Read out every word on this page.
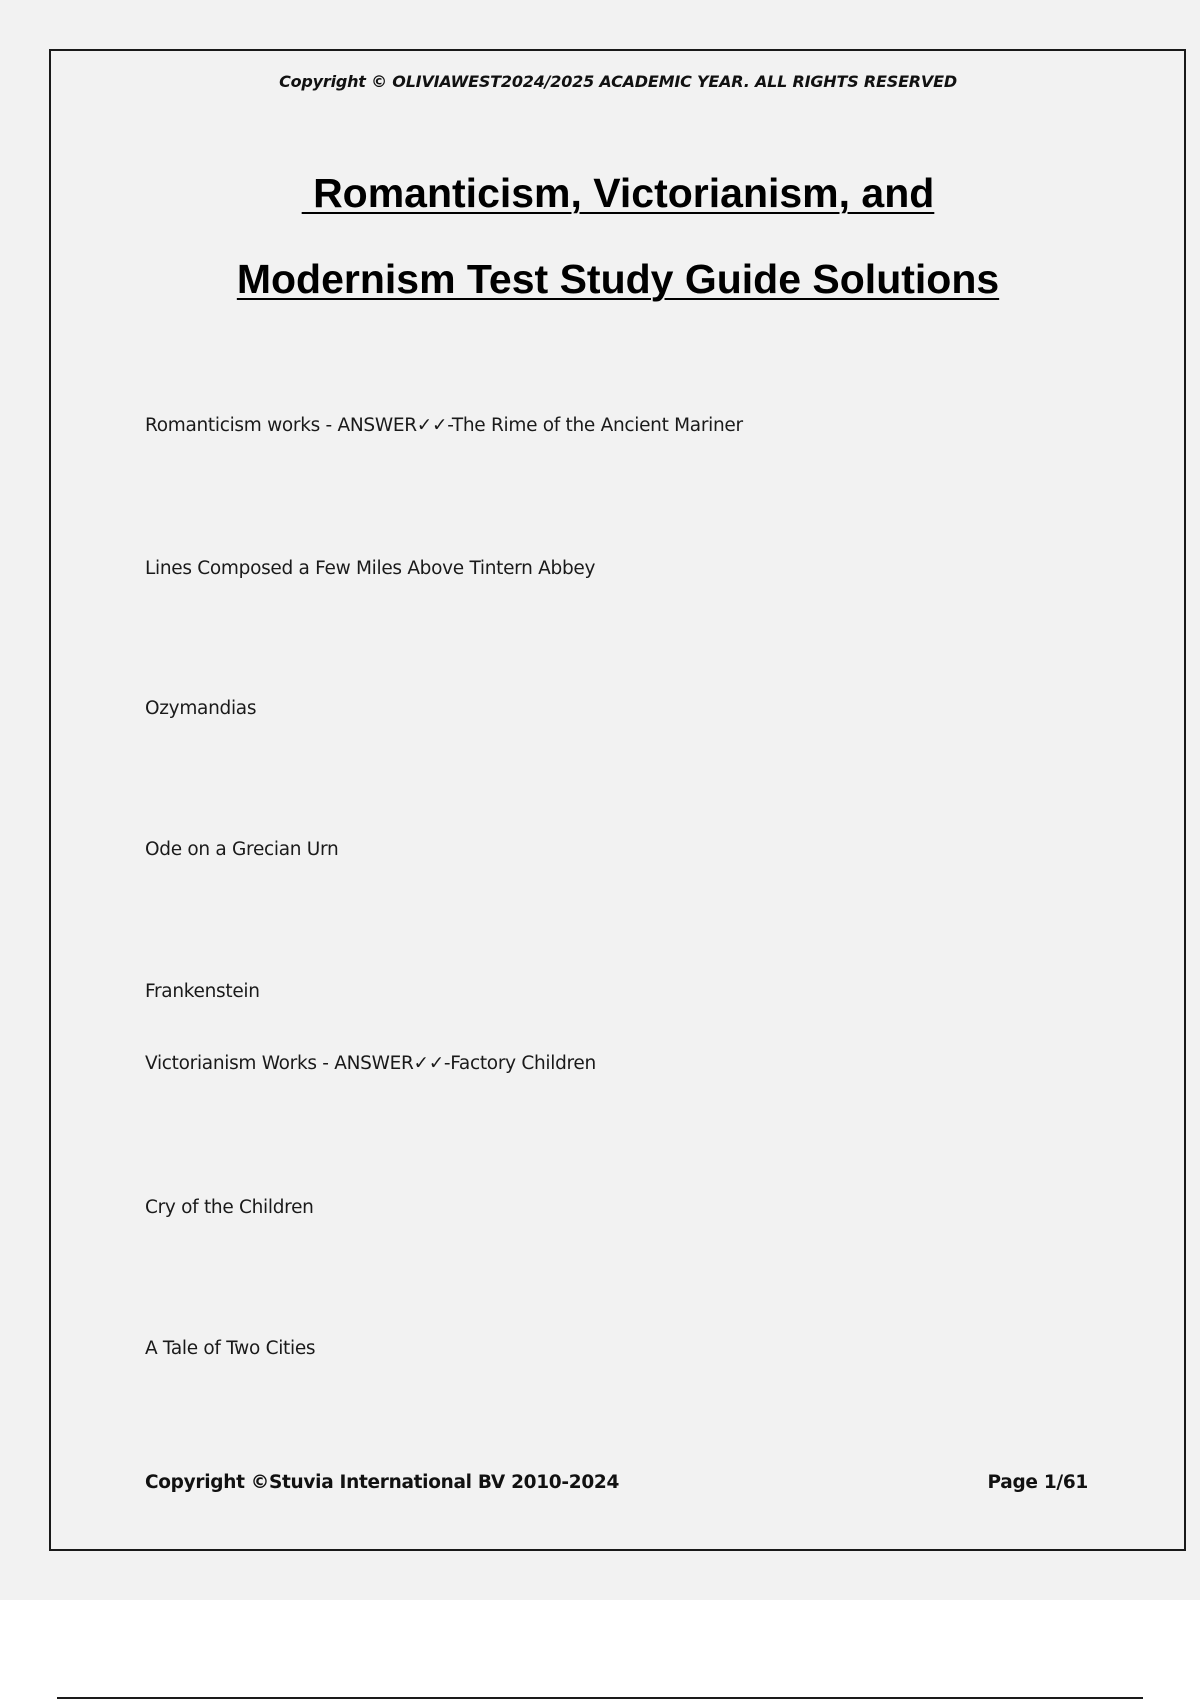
Copyright © OLIVIAWEST2024/2025 ACADEMIC YEAR. ALL RIGHTS RESERVED
Romanticism, Victorianism, and
Modernism Test Study Guide Solutions
Romanticism works - ANSWER✓✓-The Rime of the Ancient Mariner
Lines Composed a Few Miles Above Tintern Abbey
Ozymandias
Ode on a Grecian Urn
Frankenstein
Victorianism Works - ANSWER✓✓-Factory Children
Cry of the Children
A Tale of Two Cities
Copyright ©Stuvia International BV 2010-2024	Page 1/61
